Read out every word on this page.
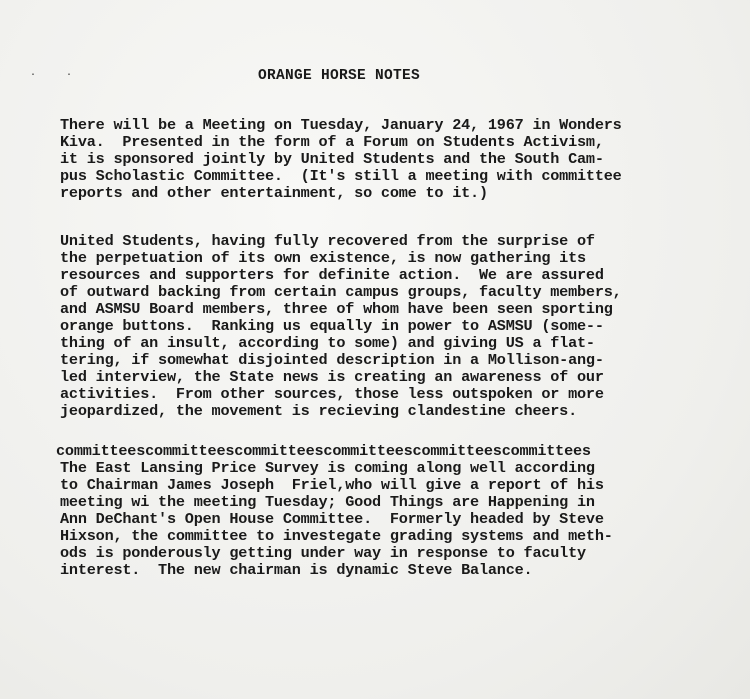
· ·	ORANGE HORSE NOTES
There will be a Meeting on Tuesday, January 24, 1967 in Wonders
Kiva.  Presented in the form of a Forum on Students Activism,
it is sponsored jointly by United Students and the South Cam-
pus Scholastic Committee.  (It's still a meeting with committee
reports and other entertainment, so come to it.)
United Students, having fully recovered from the surprise of
the perpetuation of its own existence, is now gathering its
resources and supporters for definite action.  We are assured
of outward backing from certain campus groups, faculty members,
and ASMSU Board members, three of whom have been seen sporting
orange buttons.  Ranking us equally in power to ASMSU (some--
thing of an insult, according to some) and giving US a flat-
tering, if somewhat disjointed description in a Mollison-ang-
led interview, the State news is creating an awareness of our
activities.  From other sources, those less outspoken or more
jeopardized, the movement is recieving clandestine cheers.
committeescommitteescommitteescommitteescommitteescommittees
The East Lansing Price Survey is coming along well according
to Chairman James Joseph  Friel,who will give a report of his
meeting wi the meeting Tuesday; Good Things are Happening in
Ann DeChant's Open House Committee.  Formerly headed by Steve
Hixson, the committee to investegate grading systems and meth-
ods is ponderously getting under way in response to faculty
interest.  The new chairman is dynamic Steve Balance.
